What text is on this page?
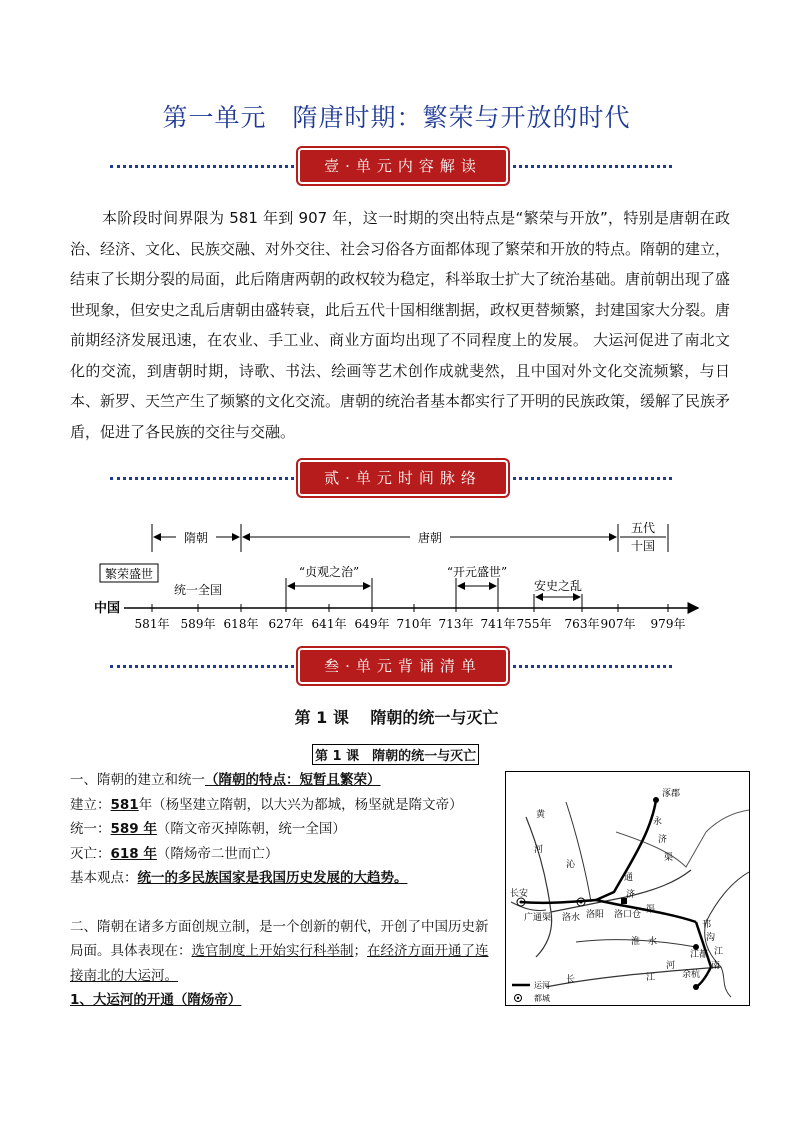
第一单元　隋唐时期：繁荣与开放的时代
壹·单元内容解读
本阶段时间界限为 581 年到 907 年，这一时期的突出特点是“繁荣与开放”，特别是唐朝在政治、经济、文化、民族交融、对外交往、社会习俗各方面都体现了繁荣和开放的特点。隋朝的建立，结束了长期分裂的局面，此后隋唐两朝的政权较为稳定，科举取士扩大了统治基础。唐前朝出现了盛世现象，但安史之乱后唐朝由盛转衰，此后五代十国相继割据，政权更替频繁，封建国家大分裂。唐前期经济发展迅速，在农业、手工业、商业方面均出现了不同程度上的发展。 大运河促进了南北文化的交流，到唐朝时期，诗歌、书法、绘画等艺术创作成就斐然，且中国对外文化交流频繁，与日本、新罗、天竺产生了频繁的文化交流。唐朝的统治者基本都实行了开明的民族政策，缓解了民族矛盾，促进了各民族的交往与交融。
贰·单元时间脉络
隋朝	唐朝
五代
十国
繁荣盛世
统一全国
“贞观之治”	“开元盛世”
安史之乱
中国
581年 589年 618年 627年 641年 649年 710年 713年 741年 755年 763年 907年 979年
叁·单元背诵清单
第 1 课　 隋朝的统一与灭亡
第 1 课　隋朝的统一与灭亡
一、隋朝的建立和统一（隋朝的特点：短暂且繁荣）
建立：581年（杨坚建立隋朝，以大兴为都城，杨坚就是隋文帝）
统一：589 年（隋文帝灭掉陈朝，统一全国）
灭亡：618 年（隋炀帝二世而亡）
基本观点：统一的多民族国家是我国历史发展的大趋势。
二、隋朝在诸多方面创规立制，是一个创新的朝代，开创了中国历史新局面。具体表现在：选官制度上开始实行科举制；在经济方面开通了连接南北的大运河。
1、大运河的开通（隋炀帝）
涿郡
永
济
渠
黄
河
沁
通
济
渠
长安
广通渠 洛水 洛阳 洛口仓
淮 水
邗
沟
江都 江
南
河
长	江	余杭
运河
都城
